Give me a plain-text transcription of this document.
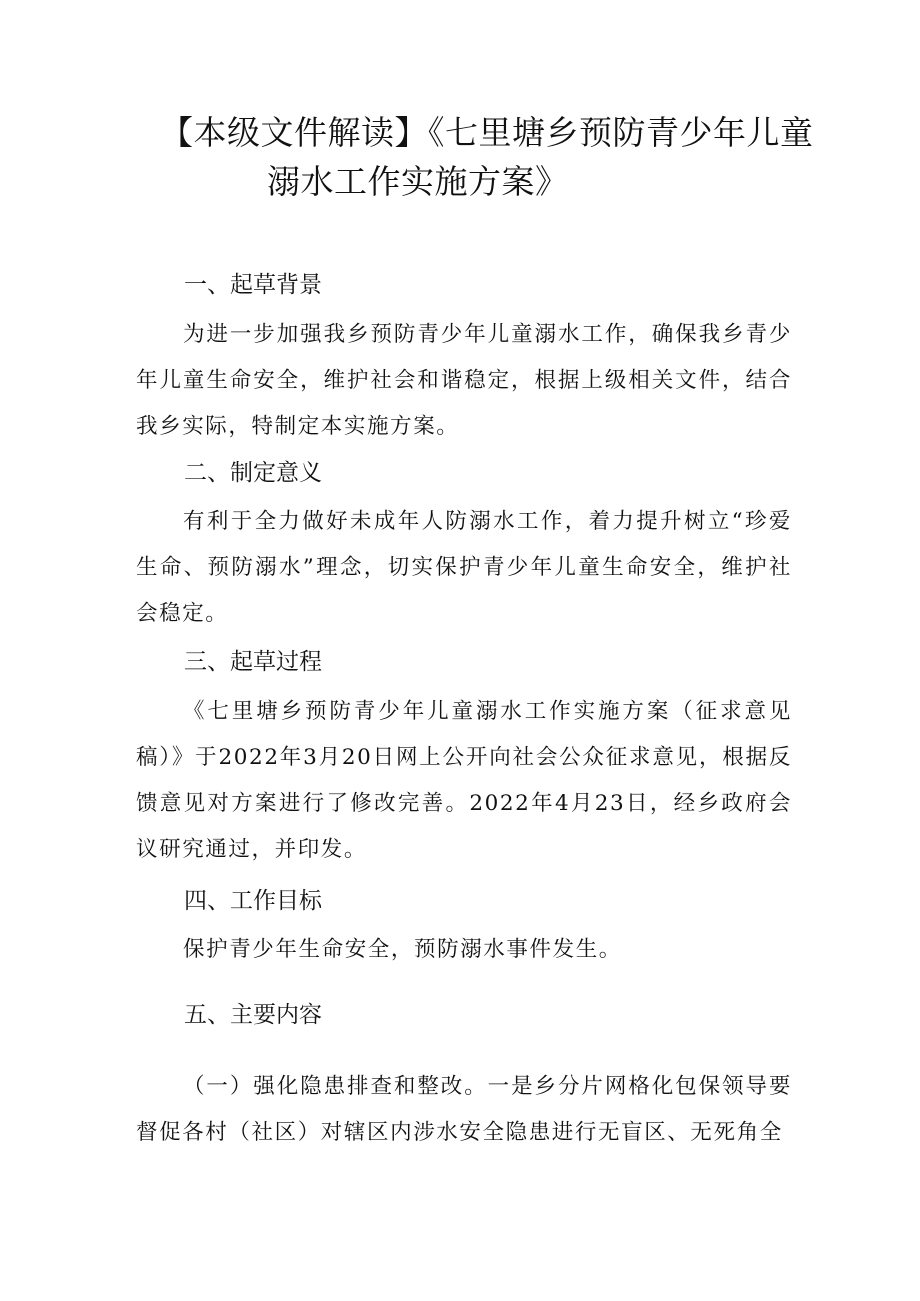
【本级文件解读】《七里塘乡预防青少年儿童
溺水工作实施方案》
一、起草背景

为进一步加强我乡预防青少年儿童溺水工作，确保我乡青少年儿童生命安全，维护社会和谐稳定，根据上级相关文件，结合我乡实际，特制定本实施方案。

二、制定意义

有利于全力做好未成年人防溺水工作，着力提升树立“珍爱生命、预防溺水”理念，切实保护青少年儿童生命安全，维护社会稳定。

三、起草过程

《七里塘乡预防青少年儿童溺水工作实施方案（征求意见稿）》于2022年3月20日网上公开向社会公众征求意见，根据反馈意见对方案进行了修改完善。2022年4月23日，经乡政府会议研究通过，并印发。

四、工作目标

保护青少年生命安全，预防溺水事件发生。

五、主要内容

（一）强化隐患排查和整改。一是乡分片网格化包保领导要督促各村（社区）对辖区内涉水安全隐患进行无盲区、无死角全
